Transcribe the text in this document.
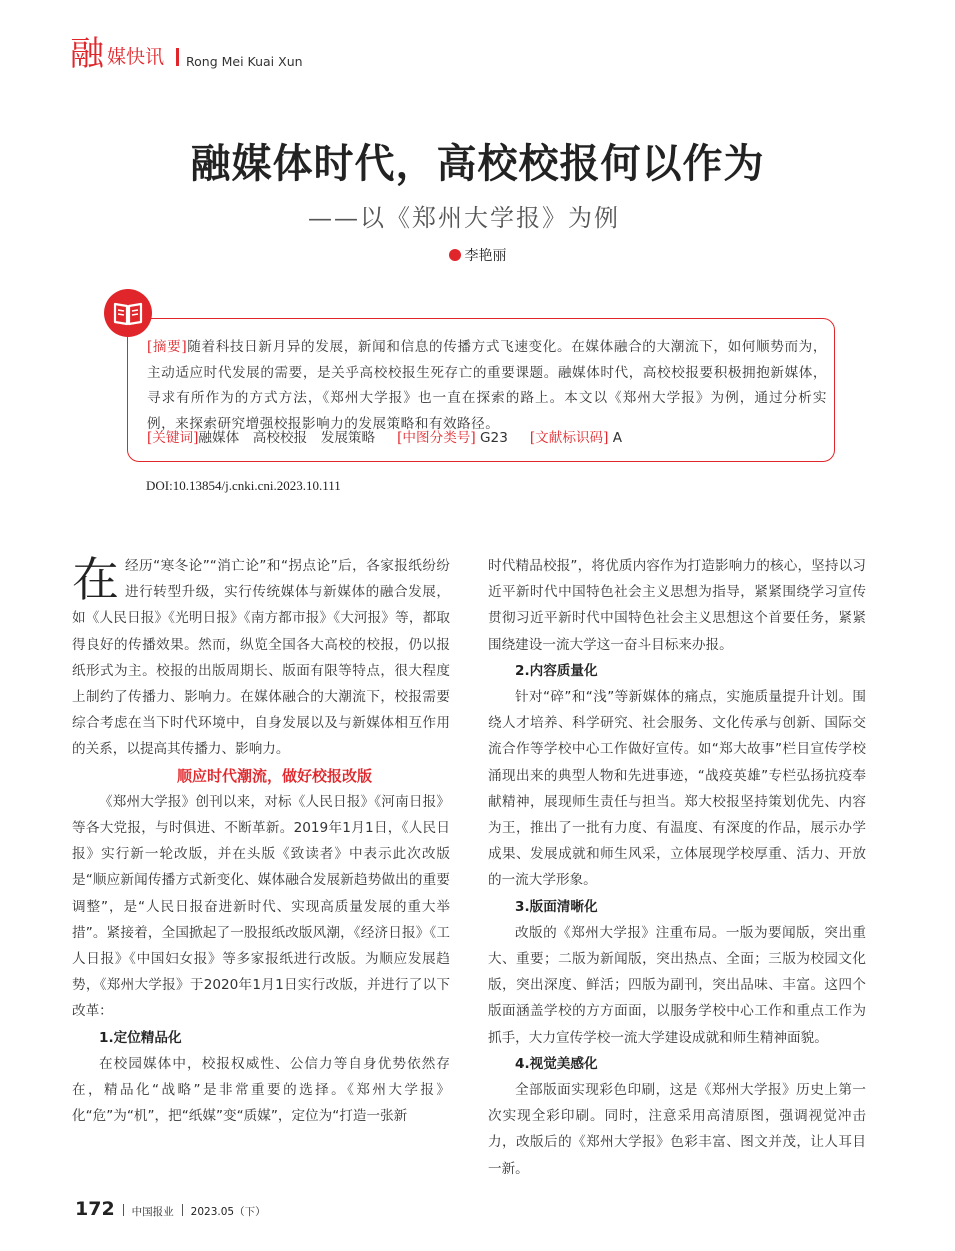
融 媒快讯 Rong Mei Kuai Xun
融媒体时代，高校校报何以作为
——以《郑州大学报》为例
李艳丽
[摘要]随着科技日新月异的发展，新闻和信息的传播方式飞速变化。在媒体融合的大潮流下，如何顺势而为，主动适应时代发展的需要，是关乎高校校报生死存亡的重要课题。融媒体时代，高校校报要积极拥抱新媒体，寻求有所作为的方式方法，《郑州大学报》也一直在探索的路上。本文以《郑州大学报》为例，通过分析实例，来探索研究增强校报影响力的发展策略和有效路径。
[关键词]融媒体　高校校报　发展策略 [中图分类号] G23 [文献标识码] A
DOI:10.13854/j.cnki.cni.2023.10.111

在经历“寒冬论”“消亡论”和“拐点论”后，各家报纸纷纷进行转型升级，实行传统媒体与新媒体的融合发展，如《人民日报》《光明日报》《南方都市报》《大河报》等，都取得良好的传播效果。然而，纵览全国各大高校的校报，仍以报纸形式为主。校报的出版周期长、版面有限等特点，很大程度上制约了传播力、影响力。在媒体融合的大潮流下，校报需要综合考虑在当下时代环境中，自身发展以及与新媒体相互作用的关系，以提高其传播力、影响力。

顺应时代潮流，做好校报改版

《郑州大学报》创刊以来，对标《人民日报》《河南日报》等各大党报，与时俱进、不断革新。2019年1月1日，《人民日报》实行新一轮改版，并在头版《致读者》中表示此次改版是“顺应新闻传播方式新变化、媒体融合发展新趋势做出的重要调整”，是“人民日报奋进新时代、实现高质量发展的重大举措”。紧接着，全国掀起了一股报纸改版风潮，《经济日报》《工人日报》《中国妇女报》等多家报纸进行改版。为顺应发展趋势，《郑州大学报》于2020年1月1日实行改版，并进行了以下改革：

1.定位精品化

在校园媒体中，校报权威性、公信力等自身优势依然存在，精品化“战略”是非常重要的选择。《郑州大学报》化“危”为“机”，把“纸媒”变“质媒”，定位为“打造一张新

时代精品校报”，将优质内容作为打造影响力的核心，坚持以习近平新时代中国特色社会主义思想为指导，紧紧围绕学习宣传贯彻习近平新时代中国特色社会主义思想这个首要任务，紧紧围绕建设一流大学这一奋斗目标来办报。

2.内容质量化

针对“碎”和“浅”等新媒体的痛点，实施质量提升计划。围绕人才培养、科学研究、社会服务、文化传承与创新、国际交流合作等学校中心工作做好宣传。如“郑大故事”栏目宣传学校涌现出来的典型人物和先进事迹，“战疫英雄”专栏弘扬抗疫奉献精神，展现师生责任与担当。郑大校报坚持策划优先、内容为王，推出了一批有力度、有温度、有深度的作品，展示办学成果、发展成就和师生风采，立体展现学校厚重、活力、开放的一流大学形象。

3.版面清晰化

改版的《郑州大学报》注重布局。一版为要闻版，突出重大、重要；二版为新闻版，突出热点、全面；三版为校园文化版，突出深度、鲜活；四版为副刊，突出品味、丰富。这四个版面涵盖学校的方方面面，以服务学校中心工作和重点工作为抓手，大力宣传学校一流大学建设成就和师生精神面貌。

4.视觉美感化

全部版面实现彩色印刷，这是《郑州大学报》历史上第一次实现全彩印刷。同时，注意采用高清原图，强调视觉冲击力，改版后的《郑州大学报》色彩丰富、图文并茂，让人耳目一新。

172 中国报业 2023.05（下）
